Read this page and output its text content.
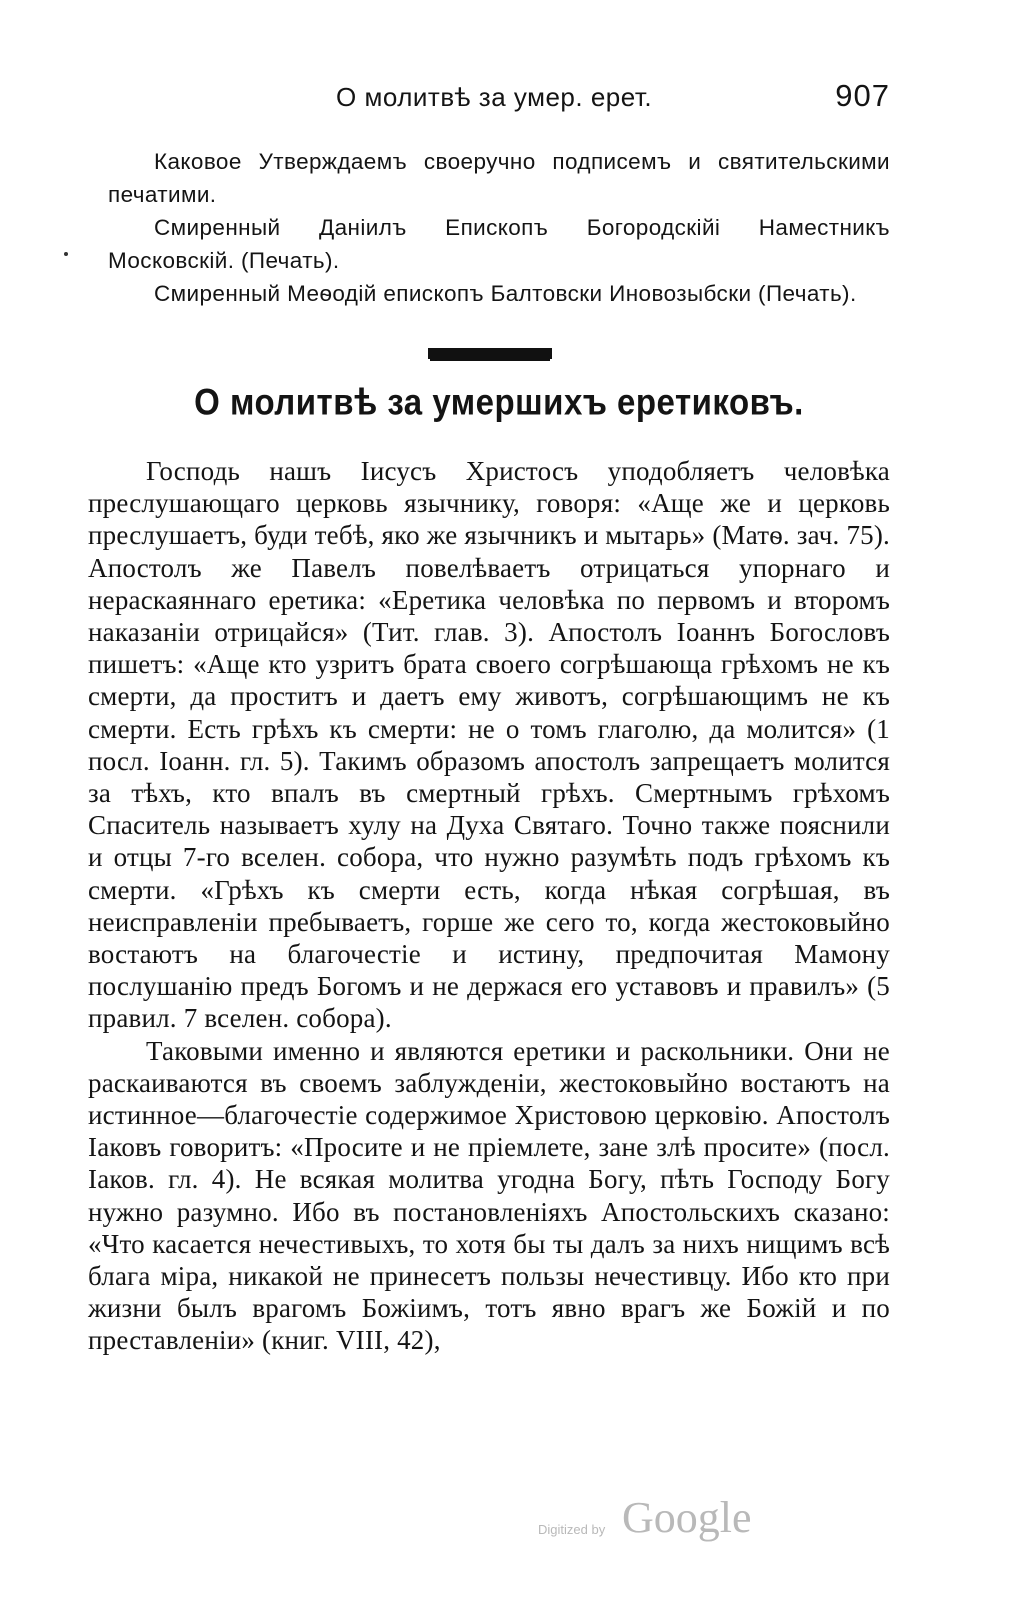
О молитвѣ за умер. ерет.	907

Каковое Утверждаемъ своеручно подписемъ и святительскими печатими.

Смиренный Даніилъ Епископъ Богородскійі Наместникъ Московскій. (Печать).

Смиренный Меѳодій епископъ Балтовски Иновозыбски (Печать).

О молитвѣ за умершихъ еретиковъ.

Господь нашъ Іисусъ Христосъ уподобляетъ человѣка преслушающаго церковь язычнику, говоря: «Аще же и церковь преслушаетъ, буди тебѣ, яко же язычникъ и мытарь» (Матѳ. зач. 75). Апостолъ же Павелъ повелѣваетъ отрицаться упорнаго и нераскаяннаго еретика: «Еретика человѣка по первомъ и второмъ наказаніи отрицайся» (Тит. глав. 3). Апостолъ Іоаннъ Богословъ пишетъ: «Аще кто узритъ брата своего согрѣшающа грѣхомъ не къ смерти, да проститъ и даетъ ему животъ, согрѣшающимъ не къ смерти. Есть грѣхъ къ смерти: не о томъ глаголю, да молится» (1 посл. Іоанн. гл. 5). Такимъ образомъ апостолъ запрещаетъ молится за тѣхъ, кто впалъ въ смертный грѣхъ. Смертнымъ грѣхомъ Спаситель называетъ хулу на Духа Святаго. Точно также пояснили и отцы 7-го вселен. собора, что нужно разумѣть подъ грѣхомъ къ смерти. «Грѣхъ къ смерти есть, когда нѣкая согрѣшая, въ неисправленіи пребываетъ, горше же сего то, когда жестоковыйно востаютъ на благочестіе и истину, предпочитая Мамону послушанію предъ Богомъ и не держася его уставовъ и правилъ» (5 правил. 7 вселен. собора).

Таковыми именно и являются еретики и раскольники. Они не раскаиваются въ своемъ заблужденіи, жестоковыйно востаютъ на истинное—благочестіе содержимое Христовою церковію. Апостолъ Іаковъ говоритъ: «Просите и не пріемлете, зане злѣ просите» (посл. Іаков. гл. 4). Не всякая молитва угодна Богу, пѣть Господу Богу нужно разумно. Ибо въ постановленіяхъ Апостольскихъ сказано: «Что касается нечестивыхъ, то хотя бы ты далъ за нихъ нищимъ всѣ блага міра, никакой не принесетъ пользы нечестивцу. Ибо кто при жизни былъ врагомъ Божіимъ, тотъ явно врагъ же Божій и по преставленіи» (книг. VIII, 42),

Digitized by Google
